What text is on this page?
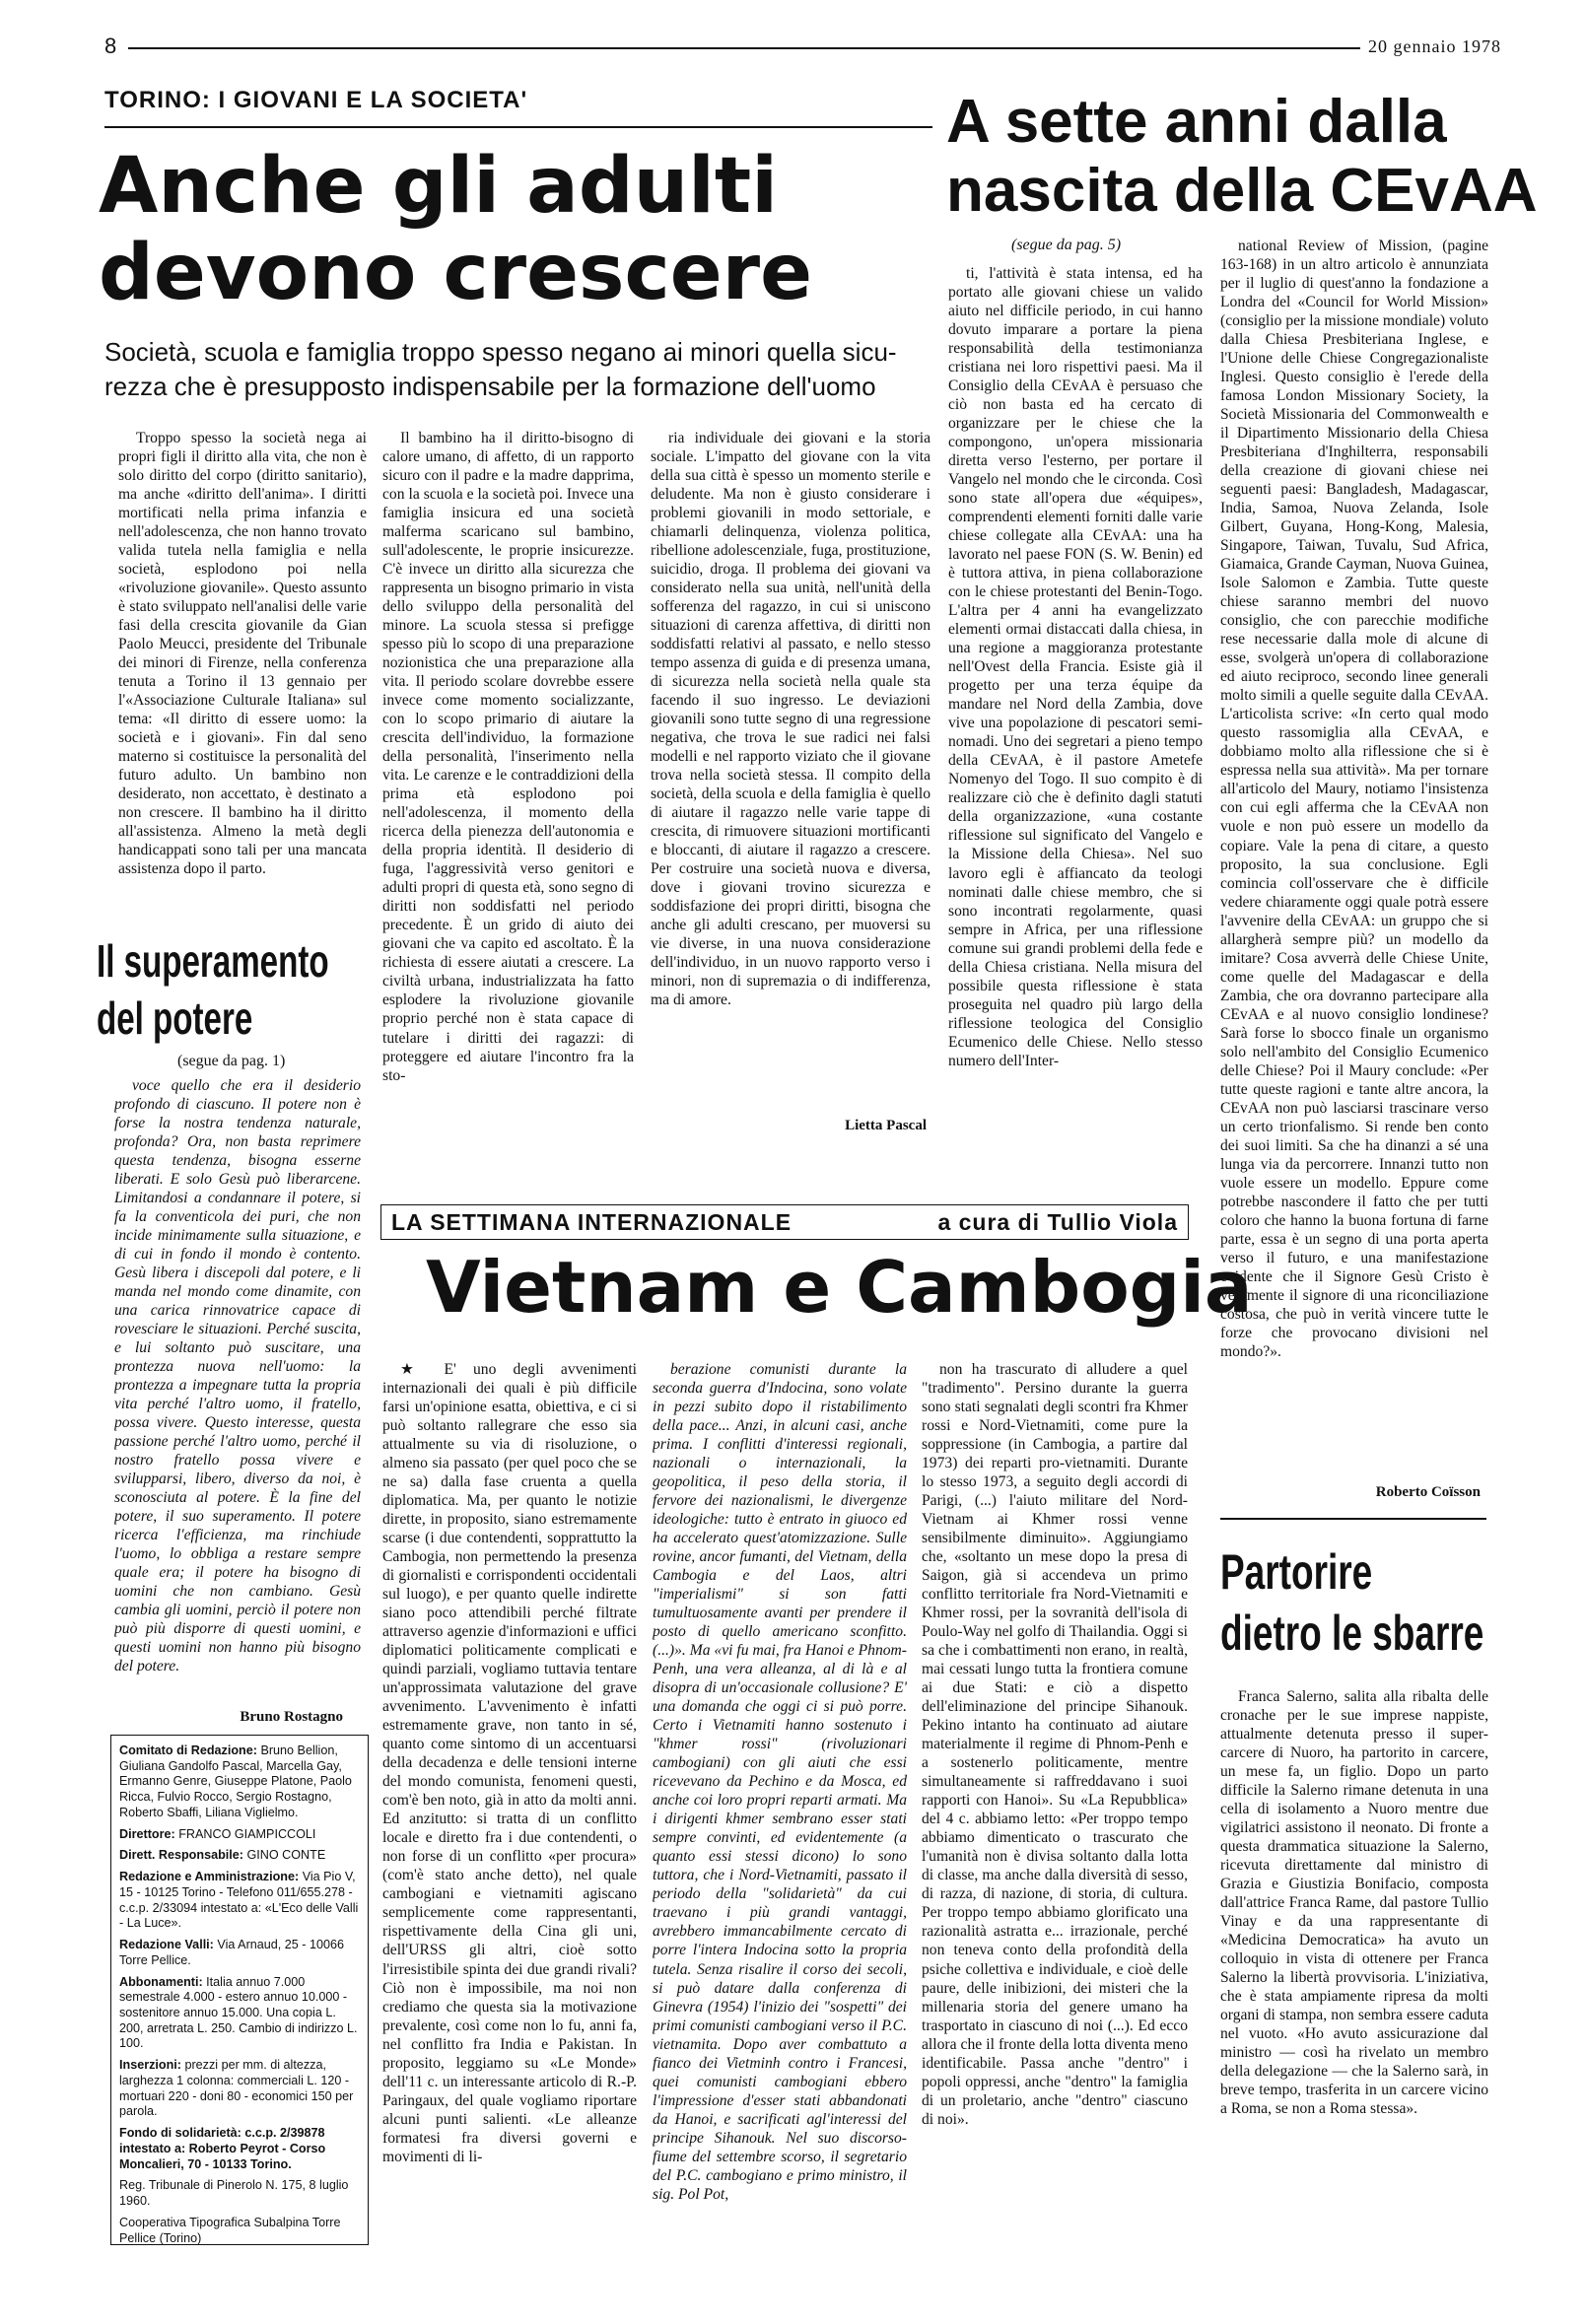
8	20 gennaio 1978
TORINO: I GIOVANI E LA SOCIETA'
Anche gli adulti
devono crescere
Società, scuola e famiglia troppo spesso negano ai minori quella sicu-
rezza che è presupposto indispensabile per la formazione dell'uomo

Troppo spesso la società nega ai propri figli il diritto alla vita, che non è solo diritto del corpo (diritto sanitario), ma anche «diritto dell'anima». I diritti mortificati nella prima infanzia e nell'adolescenza, che non hanno trovato valida tutela nella famiglia e nella società, esplodono poi nella «rivoluzione giovanile». Questo assunto è stato sviluppato nell'analisi delle varie fasi della crescita giovanile da Gian Paolo Meucci, presidente del Tribunale dei minori di Firenze, nella conferenza tenuta a Torino il 13 gennaio per l'«Associazione Culturale Italiana» sul tema: «Il diritto di essere uomo: la società e i giovani». Fin dal seno materno si costituisce la personalità del futuro adulto. Un bambino non desiderato, non accettato, è destinato a non crescere. Il bambino ha il diritto all'assistenza. Almeno la metà degli handicappati sono tali per una mancata assistenza dopo il parto.

Il bambino ha il diritto-bisogno di calore umano, di affetto, di un rapporto sicuro con il padre e la madre dapprima, con la scuola e la società poi. Invece una famiglia insicura ed una società malferma scaricano sul bambino, sull'adolescente, le proprie insicurezze. C'è invece un diritto alla sicurezza che rappresenta un bisogno primario in vista dello sviluppo della personalità del minore. La scuola stessa si prefigge spesso più lo scopo di una preparazione nozionistica che una preparazione alla vita. Il periodo scolare dovrebbe essere invece come momento socializzante, con lo scopo primario di aiutare la crescita dell'individuo, la formazione della personalità, l'inserimento nella vita. Le carenze e le contraddizioni della prima età esplodono poi nell'adolescenza, il momento della ricerca della pienezza dell'autonomia e della propria identità. Il desiderio di fuga, l'aggressività verso genitori e adulti propri di questa età, sono segno di diritti non soddisfatti nel periodo precedente. È un grido di aiuto dei giovani che va capito ed ascoltato. È la richiesta di essere aiutati a crescere. La civiltà urbana, industrializzata ha fatto esplodere la rivoluzione giovanile proprio perché non è stata capace di tutelare i diritti dei ragazzi: di proteggere ed aiutare l'incontro fra la sto-

ria individuale dei giovani e la storia sociale. L'impatto del giovane con la vita della sua città è spesso un momento sterile e deludente. Ma non è giusto considerare i problemi giovanili in modo settoriale, e chiamarli delinquenza, violenza politica, ribellione adolescenziale, fuga, prostituzione, suicidio, droga. Il problema dei giovani va considerato nella sua unità, nell'unità della sofferenza del ragazzo, in cui si uniscono situazioni di carenza affettiva, di diritti non soddisfatti relativi al passato, e nello stesso tempo assenza di guida e di presenza umana, di sicurezza nella società nella quale sta facendo il suo ingresso. Le deviazioni giovanili sono tutte segno di una regressione negativa, che trova le sue radici nei falsi modelli e nel rapporto viziato che il giovane trova nella società stessa. Il compito della società, della scuola e della famiglia è quello di aiutare il ragazzo nelle varie tappe di crescita, di rimuovere situazioni mortificanti e bloccanti, di aiutare il ragazzo a crescere. Per costruire una società nuova e diversa, dove i giovani trovino sicurezza e soddisfazione dei propri diritti, bisogna che anche gli adulti crescano, per muoversi su vie diverse, in una nuova considerazione dell'individuo, in un nuovo rapporto verso i minori, non di supremazia o di indifferenza, ma di amore.

Lietta Pascal
Il superamento
del potere
(segue da pag. 1)

voce quello che era il desiderio profondo di ciascuno. Il potere non è forse la nostra tendenza naturale, profonda? Ora, non basta reprimere questa tendenza, bisogna esserne liberati. E solo Gesù può liberarcene. Limitandosi a condannare il potere, si fa la conventicola dei puri, che non incide minimamente sulla situazione, e di cui in fondo il mondo è contento. Gesù libera i discepoli dal potere, e li manda nel mondo come dinamite, con una carica rinnovatrice capace di rovesciare le situazioni. Perché suscita, e lui soltanto può suscitare, una prontezza nuova nell'uomo: la prontezza a impegnare tutta la propria vita perché l'altro uomo, il fratello, possa vivere. Questo interesse, questa passione perché l'altro uomo, perché il nostro fratello possa vivere e svilupparsi, libero, diverso da noi, è sconosciuta al potere. È la fine del potere, il suo superamento. Il potere ricerca l'efficienza, ma rinchiude l'uomo, lo obbliga a restare sempre quale era; il potere ha bisogno di uomini che non cambiano. Gesù cambia gli uomini, perciò il potere non può più disporre di questi uomini, e questi uomini non hanno più bisogno del potere.

Bruno Rostagno

Comitato di Redazione: Bruno Bellion, Giuliana Gandolfo Pascal, Marcella Gay, Ermanno Genre, Giuseppe Platone, Paolo Ricca, Fulvio Rocco, Sergio Rostagno, Roberto Sbaffi, Liliana Viglielmo.

Direttore: FRANCO GIAMPICCOLI

Dirett. Responsabile: GINO CONTE

Redazione e Amministrazione: Via Pio V, 15 - 10125 Torino - Telefono 011/655.278 - c.c.p. 2/33094 intestato a: «L'Eco delle Valli - La Luce».

Redazione Valli: Via Arnaud, 25 - 10066 Torre Pellice.

Abbonamenti: Italia annuo 7.000 semestrale 4.000 - estero annuo 10.000 - sostenitore annuo 15.000. Una copia L. 200, arretrata L. 250. Cambio di indirizzo L. 100.

Inserzioni: prezzi per mm. di altezza, larghezza 1 colonna: commerciali L. 120 - mortuari 220 - doni 80 - economici 150 per parola.

Fondo di solidarietà: c.c.p. 2/39878 intestato a: Roberto Peyrot - Corso Moncalieri, 70 - 10133 Torino.

Reg. Tribunale di Pinerolo N. 175, 8 luglio 1960.

Cooperativa Tipografica Subalpina Torre Pellice (Torino)

A sette anni dalla
nascita della CEvAA
(segue da pag. 5)

ti, l'attività è stata intensa, ed ha portato alle giovani chiese un valido aiuto nel difficile periodo, in cui hanno dovuto imparare a portare la piena responsabilità della testimonianza cristiana nei loro rispettivi paesi. Ma il Consiglio della CEvAA è persuaso che ciò non basta ed ha cercato di organizzare per le chiese che la compongono, un'opera missionaria diretta verso l'esterno, per portare il Vangelo nel mondo che le circonda. Così sono state all'opera due «équipes», comprendenti elementi forniti dalle varie chiese collegate alla CEvAA: una ha lavorato nel paese FON (S. W. Benin) ed è tuttora attiva, in piena collaborazione con le chiese protestanti del Benin-Togo. L'altra per 4 anni ha evangelizzato elementi ormai distaccati dalla chiesa, in una regione a maggioranza protestante nell'Ovest della Francia. Esiste già il progetto per una terza équipe da mandare nel Nord della Zambia, dove vive una popolazione di pescatori semi-nomadi. Uno dei segretari a pieno tempo della CEvAA, è il pastore Ametefe Nomenyo del Togo. Il suo compito è di realizzare ciò che è definito dagli statuti della organizzazione, «una costante riflessione sul significato del Vangelo e la Missione della Chiesa». Nel suo lavoro egli è affiancato da teologi nominati dalle chiese membro, che si sono incontrati regolarmente, quasi sempre in Africa, per una riflessione comune sui grandi problemi della fede e della Chiesa cristiana. Nella misura del possibile questa riflessione è stata proseguita nel quadro più largo della riflessione teologica del Consiglio Ecumenico delle Chiese. Nello stesso numero dell'Inter-

national Review of Mission, (pagine 163-168) in un altro articolo è annunziata per il luglio di quest'anno la fondazione a Londra del «Council for World Mission» (consiglio per la missione mondiale) voluto dalla Chiesa Presbiteriana Inglese, e l'Unione delle Chiese Congregazionaliste Inglesi. Questo consiglio è l'erede della famosa London Missionary Society, la Società Missionaria del Commonwealth e il Dipartimento Missionario della Chiesa Presbiteriana d'Inghilterra, responsabili della creazione di giovani chiese nei seguenti paesi: Bangladesh, Madagascar, India, Samoa, Nuova Zelanda, Isole Gilbert, Guyana, Hong-Kong, Malesia, Singapore, Taiwan, Tuvalu, Sud Africa, Giamaica, Grande Cayman, Nuova Guinea, Isole Salomon e Zambia. Tutte queste chiese saranno membri del nuovo consiglio, che con parecchie modifiche rese necessarie dalla mole di alcune di esse, svolgerà un'opera di collaborazione ed aiuto reciproco, secondo linee generali molto simili a quelle seguite dalla CEvAA. L'articolista scrive: «In certo qual modo questo rassomiglia alla CEvAA, e dobbiamo molto alla riflessione che si è espressa nella sua attività». Ma per tornare all'articolo del Maury, notiamo l'insistenza con cui egli afferma che la CEvAA non vuole e non può essere un modello da copiare. Vale la pena di citare, a questo proposito, la sua conclusione. Egli comincia coll'osservare che è difficile vedere chiaramente oggi quale potrà essere l'avvenire della CEvAA: un gruppo che si allargherà sempre più? un modello da imitare? Cosa avverrà delle Chiese Unite, come quelle del Madagascar e della Zambia, che ora dovranno partecipare alla CEvAA e al nuovo consiglio londinese? Sarà forse lo sbocco finale un organismo solo nell'ambito del Consiglio Ecumenico delle Chiese? Poi il Maury conclude: «Per tutte queste ragioni e tante altre ancora, la CEvAA non può lasciarsi trascinare verso un certo trionfalismo. Si rende ben conto dei suoi limiti. Sa che ha dinanzi a sé una lunga via da percorrere. Innanzi tutto non vuole essere un modello. Eppure come potrebbe nascondere il fatto che per tutti coloro che hanno la buona fortuna di farne parte, essa è un segno di una porta aperta verso il futuro, e una manifestazione evidente che il Signore Gesù Cristo è veramente il signore di una riconciliazione costosa, che può in verità vincere tutte le forze che provocano divisioni nel mondo?».

Roberto Coïsson
LA SETTIMANA INTERNAZIONALE	a cura di Tullio Viola
Vietnam e Cambogia

★ E' uno degli avvenimenti internazionali dei quali è più difficile farsi un'opinione esatta, obiettiva, e ci si può soltanto rallegrare che esso sia attualmente su via di risoluzione, o almeno sia passato (per quel poco che se ne sa) dalla fase cruenta a quella diplomatica. Ma, per quanto le notizie dirette, in proposito, siano estremamente scarse (i due contendenti, sopprattutto la Cambogia, non permettendo la presenza di giornalisti e corrispondenti occidentali sul luogo), e per quanto quelle indirette siano poco attendibili perché filtrate attraverso agenzie d'informazioni e uffici diplomatici politicamente complicati e quindi parziali, vogliamo tuttavia tentare un'approssimata valutazione del grave avvenimento. L'avvenimento è infatti estremamente grave, non tanto in sé, quanto come sintomo di un accentuarsi della decadenza e delle tensioni interne del mondo comunista, fenomeni questi, com'è ben noto, già in atto da molti anni. Ed anzitutto: si tratta di un conflitto locale e diretto fra i due contendenti, o non forse di un conflitto «per procura» (com'è stato anche detto), nel quale cambogiani e vietnamiti agiscano semplicemente come rappresentanti, rispettivamente della Cina gli uni, dell'URSS gli altri, cioè sotto l'irresistibile spinta dei due grandi rivali? Ciò non è impossibile, ma noi non crediamo che questa sia la motivazione prevalente, così come non lo fu, anni fa, nel conflitto fra India e Pakistan. In proposito, leggiamo su «Le Monde» dell'11 c. un interessante articolo di R.-P. Paringaux, del quale vogliamo riportare alcuni punti salienti. «Le alleanze formatesi fra diversi governi e movimenti di li-

berazione comunisti durante la seconda guerra d'Indocina, sono volate in pezzi subito dopo il ristabilimento della pace... Anzi, in alcuni casi, anche prima. I conflitti d'interessi regionali, nazionali o internazionali, la geopolitica, il peso della storia, il fervore dei nazionalismi, le divergenze ideologiche: tutto è entrato in giuoco ed ha accelerato quest'atomizzazione. Sulle rovine, ancor fumanti, del Vietnam, della Cambogia e del Laos, altri "imperialismi" si son fatti tumultuosamente avanti per prendere il posto di quello americano sconfitto. (...)». Ma «vi fu mai, fra Hanoi e Phnom-Penh, una vera alleanza, al di là e al disopra di un'occasionale collusione? E' una domanda che oggi ci si può porre. Certo i Vietnamiti hanno sostenuto i "khmer rossi" (rivoluzionari cambogiani) con gli aiuti che essi ricevevano da Pechino e da Mosca, ed anche coi loro propri reparti armati. Ma i dirigenti khmer sembrano esser stati sempre convinti, ed evidentemente (a quanto essi stessi dicono) lo sono tuttora, che i Nord-Vietnamiti, passato il periodo della "solidarietà" da cui traevano i più grandi vantaggi, avrebbero immancabilmente cercato di porre l'intera Indocina sotto la propria tutela. Senza risalire il corso dei secoli, si può datare dalla conferenza di Ginevra (1954) l'inizio dei "sospetti" dei primi comunisti cambogiani verso il P.C. vietnamita. Dopo aver combattuto a fianco dei Vietminh contro i Francesi, quei comunisti cambogiani ebbero l'impressione d'esser stati abbandonati da Hanoi, e sacrificati agl'interessi del principe Sihanouk. Nel suo discorso-fiume del settembre scorso, il segretario del P.C. cambogiano e primo ministro, il sig. Pol Pot,

non ha trascurato di alludere a quel "tradimento". Persino durante la guerra sono stati segnalati degli scontri fra Khmer rossi e Nord-Vietnamiti, come pure la soppressione (in Cambogia, a partire dal 1973) dei reparti pro-vietnamiti. Durante lo stesso 1973, a seguito degli accordi di Parigi, (...) l'aiuto militare del Nord-Vietnam ai Khmer rossi venne sensibilmente diminuito». Aggiungiamo che, «soltanto un mese dopo la presa di Saigon, già si accendeva un primo conflitto territoriale fra Nord-Vietnamiti e Khmer rossi, per la sovranità dell'isola di Poulo-Way nel golfo di Thailandia. Oggi si sa che i combattimenti non erano, in realtà, mai cessati lungo tutta la frontiera comune ai due Stati: e ciò a dispetto dell'eliminazione del principe Sihanouk. Pekino intanto ha continuato ad aiutare materialmente il regime di Phnom-Penh e a sostenerlo politicamente, mentre simultaneamente si raffreddavano i suoi rapporti con Hanoi». Su «La Repubblica» del 4 c. abbiamo letto: «Per troppo tempo abbiamo dimenticato o trascurato che l'umanità non è divisa soltanto dalla lotta di classe, ma anche dalla diversità di sesso, di razza, di nazione, di storia, di cultura. Per troppo tempo abbiamo glorificato una razionalità astratta e... irrazionale, perché non teneva conto della profondità della psiche collettiva e individuale, e cioè delle paure, delle inibizioni, dei misteri che la millenaria storia del genere umano ha trasportato in ciascuno di noi (...). Ed ecco allora che il fronte della lotta diventa meno identificabile. Passa anche "dentro" i popoli oppressi, anche "dentro" la famiglia di un proletario, anche "dentro" ciascuno di noi».

Partorire
dietro le sbarre

Franca Salerno, salita alla ribalta delle cronache per le sue imprese nappiste, attualmente detenuta presso il super-carcere di Nuoro, ha partorito in carcere, un mese fa, un figlio. Dopo un parto difficile la Salerno rimane detenuta in una cella di isolamento a Nuoro mentre due vigilatrici assistono il neonato. Di fronte a questa drammatica situazione la Salerno, ricevuta direttamente dal ministro di Grazia e Giustizia Bonifacio, composta dall'attrice Franca Rame, dal pastore Tullio Vinay e da una rappresentante di «Medicina Democratica» ha avuto un colloquio in vista di ottenere per Franca Salerno la libertà provvisoria. L'iniziativa, che è stata ampiamente ripresa da molti organi di stampa, non sembra essere caduta nel vuoto. «Ho avuto assicurazione dal ministro — così ha rivelato un membro della delegazione — che la Salerno sarà, in breve tempo, trasferita in un carcere vicino a Roma, se non a Roma stessa».
